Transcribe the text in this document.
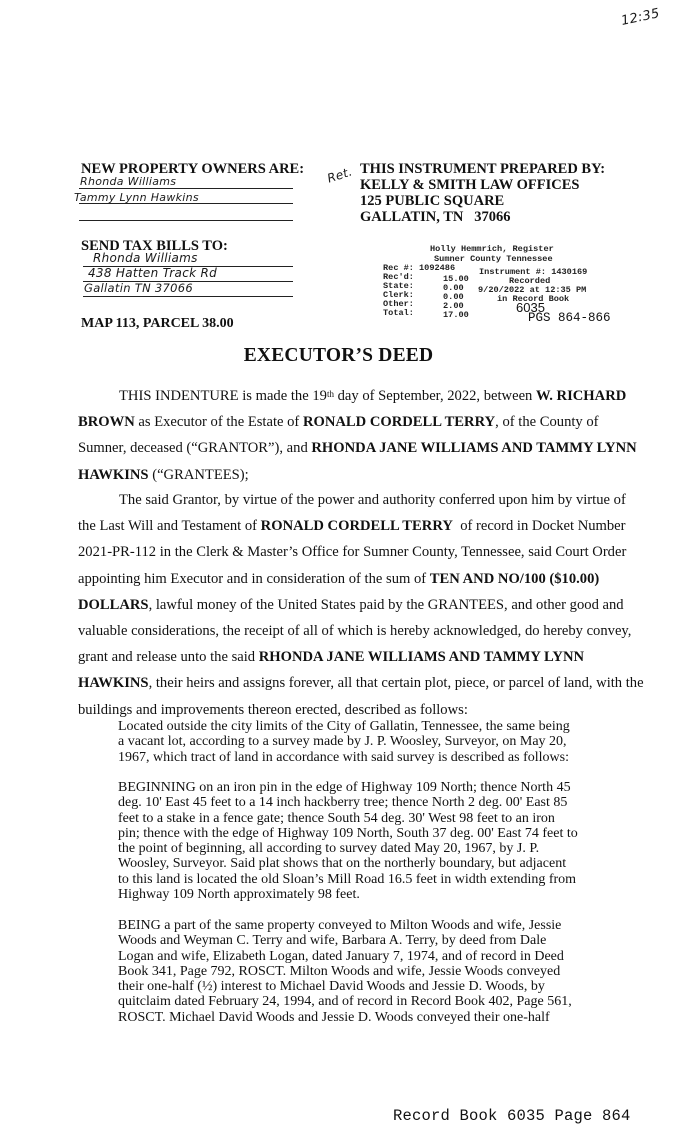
12:35
Ret.
NEW PROPERTY OWNERS ARE:
Rhonda Williams
Tammy Lynn Hawkins
THIS INSTRUMENT PREPARED BY:
KELLY & SMITH LAW OFFICES
125 PUBLIC SQUARE
GALLATIN, TN   37066
SEND TAX BILLS TO:
Rhonda Williams
438 Hatten Track Rd
Gallatin TN 37066
MAP 113, PARCEL 38.00
Holly Hemmrich, Register
Sumner County Tennessee
Rec #: 1092486	Instrument #: 1430169
Rec'd:	15.00
State:	0.00
Clerk:	0.00
Other:	2.00
Total:	17.00
Recorded
9/20/2022 at 12:35 PM
in Record Book
6035
PGS 864-866
EXECUTOR’S DEED
THIS INDENTURE is made the 19th day of September, 2022, between W. RICHARD
BROWN as Executor of the Estate of RONALD CORDELL TERRY, of the County of
Sumner, deceased (“GRANTOR”), and RHONDA JANE WILLIAMS AND TAMMY LYNN
HAWKINS (“GRANTEES);
The said Grantor, by virtue of the power and authority conferred upon him by virtue of
the Last Will and Testament of RONALD CORDELL TERRY  of record in Docket Number
2021-PR-112 in the Clerk & Master’s Office for Sumner County, Tennessee, said Court Order
appointing him Executor and in consideration of the sum of TEN AND NO/100 ($10.00)
DOLLARS, lawful money of the United States paid by the GRANTEES, and other good and
valuable considerations, the receipt of all of which is hereby acknowledged, do hereby convey,
grant and release unto the said RHONDA JANE WILLIAMS AND TAMMY LYNN
HAWKINS, their heirs and assigns forever, all that certain plot, piece, or parcel of land, with the
buildings and improvements thereon erected, described as follows:
Located outside the city limits of the City of Gallatin, Tennessee, the same being
a vacant lot, according to a survey made by J. P. Woosley, Surveyor, on May 20,
1967, which tract of land in accordance with said survey is described as follows:
BEGINNING on an iron pin in the edge of Highway 109 North; thence North 45
deg. 10' East 45 feet to a 14 inch hackberry tree; thence North 2 deg. 00' East 85
feet to a stake in a fence gate; thence South 54 deg. 30' West 98 feet to an iron
pin; thence with the edge of Highway 109 North, South 37 deg. 00' East 74 feet to
the point of beginning, all according to survey dated May 20, 1967, by J. P.
Woosley, Surveyor. Said plat shows that on the northerly boundary, but adjacent
to this land is located the old Sloan’s Mill Road 16.5 feet in width extending from
Highway 109 North approximately 98 feet.
BEING a part of the same property conveyed to Milton Woods and wife, Jessie
Woods and Weyman C. Terry and wife, Barbara A. Terry, by deed from Dale
Logan and wife, Elizabeth Logan, dated January 7, 1974, and of record in Deed
Book 341, Page 792, ROSCT. Milton Woods and wife, Jessie Woods conveyed
their one-half (½) interest to Michael David Woods and Jessie D. Woods, by
quitclaim dated February 24, 1994, and of record in Record Book 402, Page 561,
ROSCT. Michael David Woods and Jessie D. Woods conveyed their one-half
Record Book 6035 Page 864
